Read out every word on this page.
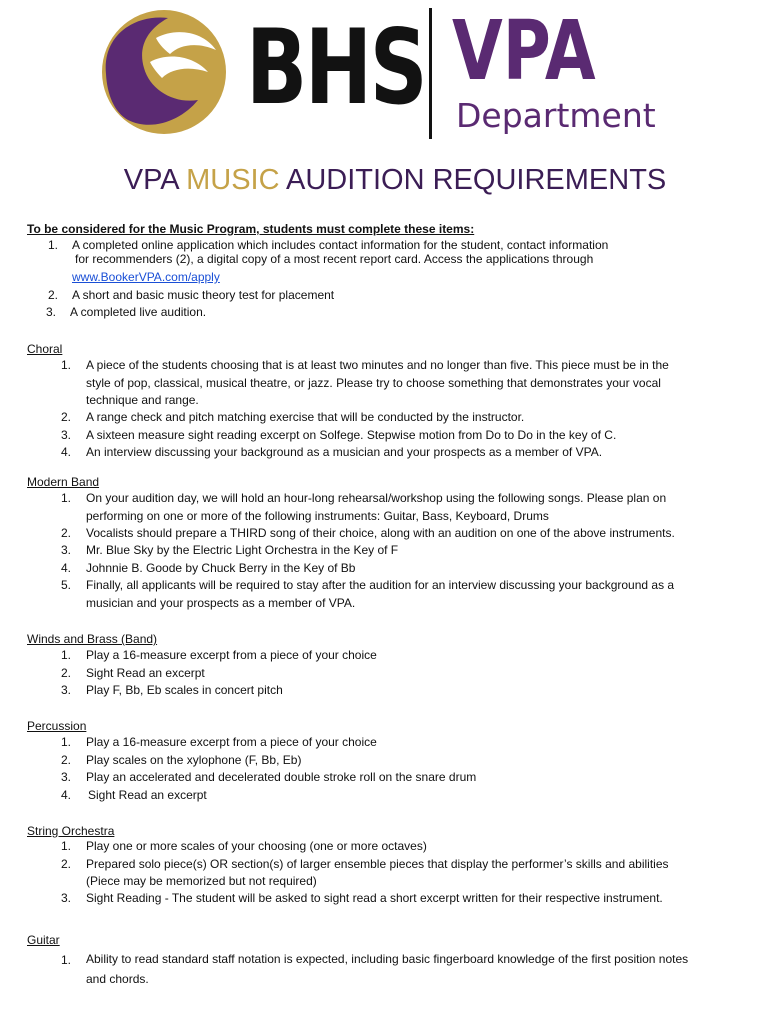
BHS VPA
Department
VPA MUSIC AUDITION REQUIREMENTS
To be considered for the Music Program, students must complete these items:
1. A completed online application which includes contact information for the student, contact information
for recommenders (2), a digital copy of a most recent report card. Access the applications through
www.BookerVPA.com/apply
2. A short and basic music theory test for placement
3. A completed live audition.
Choral
1. A piece of the students choosing that is at least two minutes and no longer than five. This piece must be in the
style of pop, classical, musical theatre, or jazz. Please try to choose something that demonstrates your vocal
technique and range.
2. A range check and pitch matching exercise that will be conducted by the instructor.
3. A sixteen measure sight reading excerpt on Solfege. Stepwise motion from Do to Do in the key of C.
4. An interview discussing your background as a musician and your prospects as a member of VPA.
Modern Band
1. On your audition day, we will hold an hour-long rehearsal/workshop using the following songs. Please plan on
performing on one or more of the following instruments: Guitar, Bass, Keyboard, Drums
2. Vocalists should prepare a THIRD song of their choice, along with an audition on one of the above instruments.
3. Mr. Blue Sky by the Electric Light Orchestra in the Key of F
4. Johnnie B. Goode by Chuck Berry in the Key of Bb
5. Finally, all applicants will be required to stay after the audition for an interview discussing your background as a
musician and your prospects as a member of VPA.
Winds and Brass (Band)
1. Play a 16-measure excerpt from a piece of your choice
2. Sight Read an excerpt
3. Play F, Bb, Eb scales in concert pitch
Percussion
1. Play a 16-measure excerpt from a piece of your choice
2. Play scales on the xylophone (F, Bb, Eb)
3. Play an accelerated and decelerated double stroke roll on the snare drum
4. Sight Read an excerpt
String Orchestra
1. Play one or more scales of your choosing (one or more octaves)
2. Prepared solo piece(s) OR section(s) of larger ensemble pieces that display the performer’s skills and abilities
(Piece may be memorized but not required)
3. Sight Reading - The student will be asked to sight read a short excerpt written for their respective instrument.
Guitar
1. Ability to read standard staff notation is expected, including basic fingerboard knowledge of the first position notes
and chords.
